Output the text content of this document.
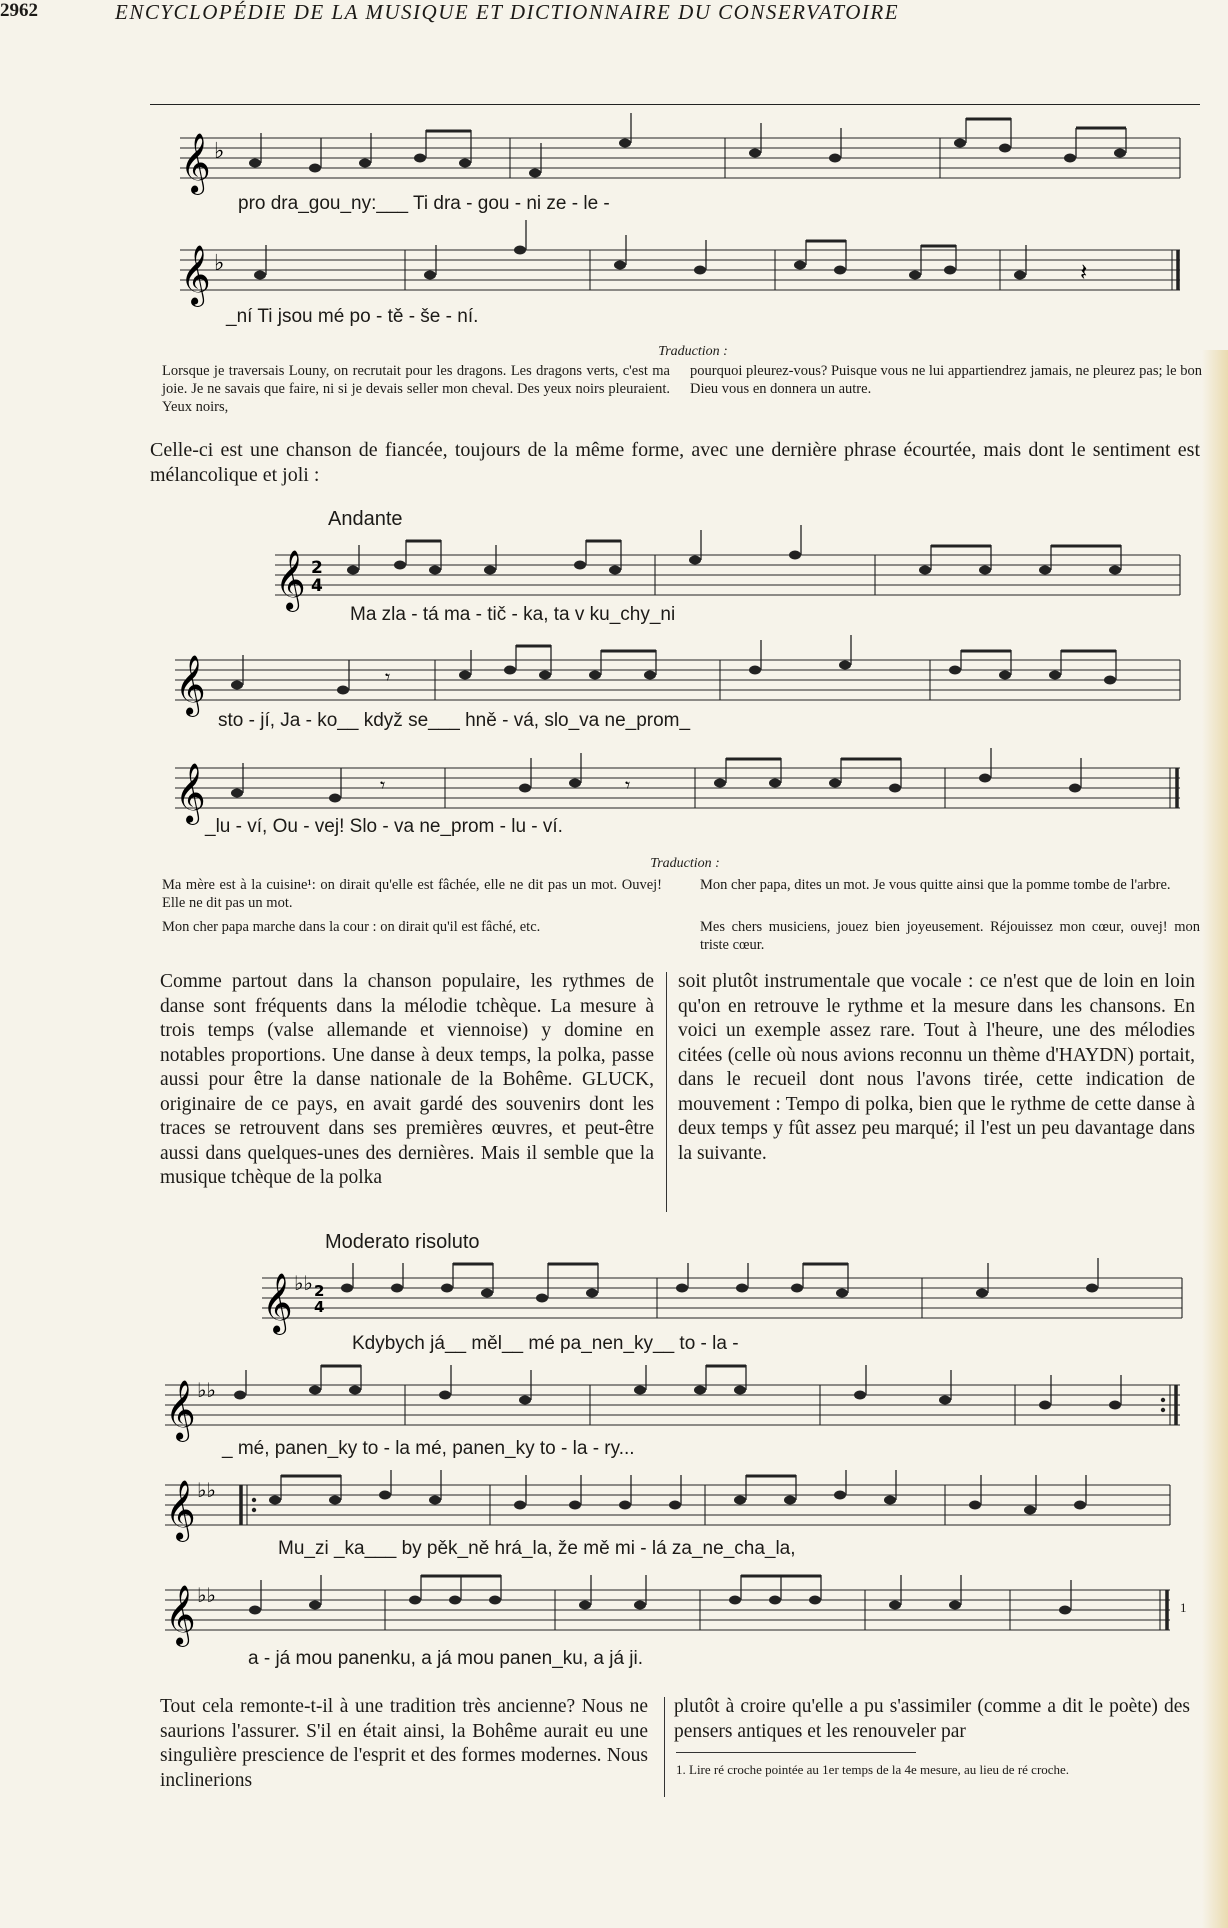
2962	ENCYCLOPÉDIE DE LA MUSIQUE ET DICTIONNAIRE DU CONSERVATOIRE
𝄞 ♭
pro dra_gou_ny:___ Ti dra - gou - ni ze - le -
𝄞 ♭	𝄽
_ní Ti jsou mé po - tě - še - ní.
Traduction :
Lorsque je traversais Louny, on recrutait pour les dragons. Les dragons verts, c'est ma joie. Je ne savais que faire, ni si je devais seller mon cheval. Des yeux noirs pleuraient. Yeux noirs,
pourquoi pleurez-vous? Puisque vous ne lui appartiendrez jamais, ne pleurez pas; le bon Dieu vous en donnera un autre.
Celle-ci est une chanson de fiancée, toujours de la même forme, avec une dernière phrase écourtée, mais dont le sentiment est mélancolique et joli :
Andante
𝄞 2
4
Ma zla - tá ma - tič - ka, ta v ku_chy_ni
𝄞	𝄾
sto - jí, Ja - ko__ když se___ hně - vá, slo_va ne_prom_
𝄞	𝄾	𝄾
_lu - ví, Ou - vej! Slo - va ne_prom - lu - ví.
Traduction :
Ma mère est à la cuisine¹: on dirait qu'elle est fâchée, elle ne dit pas un mot. Ouvej! Elle ne dit pas un mot.
Mon cher papa marche dans la cour : on dirait qu'il est fâché, etc.
Mon cher papa, dites un mot. Je vous quitte ainsi que la pomme tombe de l'arbre.
Mes chers musiciens, jouez bien joyeusement. Réjouissez mon cœur, ouvej! mon triste cœur.
Comme partout dans la chanson populaire, les rythmes de danse sont fréquents dans la mélodie tchèque. La mesure à trois temps (valse allemande et viennoise) y domine en notables proportions. Une danse à deux temps, la polka, passe aussi pour être la danse nationale de la Bohême. GLUCK, originaire de ce pays, en avait gardé des souvenirs dont les traces se retrouvent dans ses premières œuvres, et peut-être aussi dans quelques-unes des dernières. Mais il semble que la musique tchèque de la polka
soit plutôt instrumentale que vocale : ce n'est que de loin en loin qu'on en retrouve le rythme et la mesure dans les chansons. En voici un exemple assez rare. Tout à l'heure, une des mélodies citées (celle où nous avions reconnu un thème d'HAYDN) portait, dans le recueil dont nous l'avons tirée, cette indication de mouvement : Tempo di polka, bien que le rythme de cette danse à deux temps y fût assez peu marqué; il l'est un peu davantage dans la suivante.
Moderato risoluto
𝄞 ♭♭ 2
4
Kdybych já__ měl__ mé pa_nen_ky__ to - la -
𝄞 ♭♭
_ mé, panen_ky to - la mé, panen_ky to - la - ry...
𝄞 ♭♭
Mu_zi _ka___ by pěk_ně hrá_la, že mě mi - lá za_ne_cha_la,
𝄞 ♭♭
1
a - já mou panenku, a já mou panen_ku, a já ji.
Tout cela remonte-t-il à une tradition très ancienne? Nous ne saurions l'assurer. S'il en était ainsi, la Bohême aurait eu une singulière prescience de l'esprit et des formes modernes. Nous inclinerions
plutôt à croire qu'elle a pu s'assimiler (comme a dit le poète) des pensers antiques et les renouveler par
1. Lire ré croche pointée au 1er temps de la 4e mesure, au lieu de ré croche.
